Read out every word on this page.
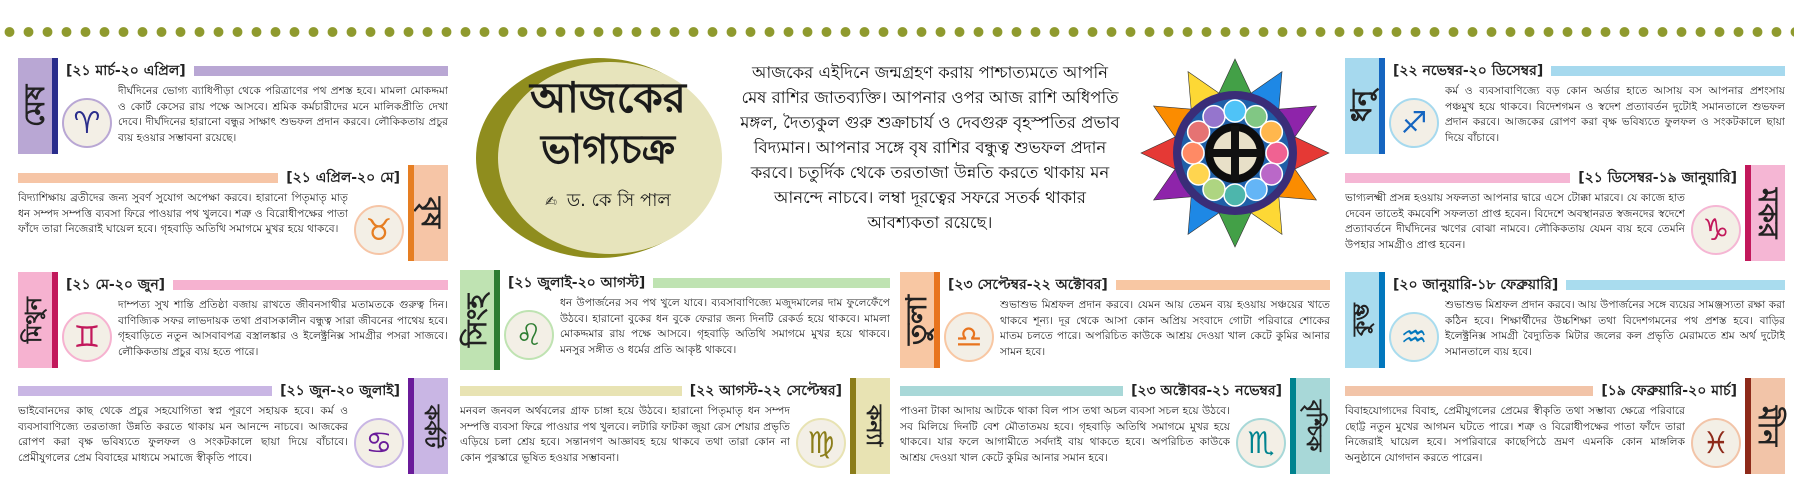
আজকের
ভাগ্যচক্র
✍ ড. কে সি পাল
আজকের এইদিনে জন্মগ্রহণ করায় পাশ্চাত্যমতে আপনি মেষ রাশির জাতব্যক্তি। আপনার ওপর আজ রাশি অধিপতি মঙ্গল, দৈত্যকুল গুরু শুক্রাচার্য ও দেবগুরু বৃহস্পতির প্রভাব বিদ্যমান। আপনার সঙ্গে বৃষ রাশির বন্ধুত্ব শুভফল প্রদান করবে। চতুর্দিক থেকে তরতাজা উন্নতি করতে থাকায় মন আনন্দে নাচবে। লম্বা দূরত্বের সফরে সতর্ক থাকার আবশ্যকতা রয়েছে।
মেষ
[২১ মার্চ-২০ এপ্রিল]
♈
দীর্ঘদিনের ভোগ্য ব্যাধিপীড়া থেকে পরিত্রাণের পথ প্রশস্ত হবে। মামলা মোকদ্দমা ও কোর্ট কেসের রায় পক্ষে আসবে। শ্রমিক কর্মচারীদের মনে মালিকপ্রীতি দেখা দেবে। দীর্ঘদিনের হারানো বন্ধুর সাক্ষাৎ শুভফল প্রদান করবে। লৌকিকতায় প্রচুর ব্যয় হওয়ার সম্ভাবনা রয়েছে।
বৃষ
[২১ এপ্রিল-২০ মে]
♉
বিদ্যাশিক্ষায় ব্রতীদের জন্য সুবর্ণ সুযোগ অপেক্ষা করবে। হারানো পিতৃমাতৃ মাতৃ ধন সম্পদ সম্পত্তি ব্যবসা ফিরে পাওয়ার পথ খুলবে। শত্রু ও বিরোধীপক্ষের পাতা ফাঁদে তারা নিজেরাই ঘায়েল হবে। গৃহবাড়ি অতিথি সমাগমে মুখর হয়ে থাকবে।
মিথুন
[২১ মে-২০ জুন]
♊
দাম্পত্য সুখ শান্তি প্রতিষ্ঠা বজায় রাখতে জীবনসাথীর মতামতকে গুরুত্ব দিন। বাণিজ্যিক সফর লাভদায়ক তথা প্রবাসকালীন বন্ধুত্ব সারা জীবনের পাথেয় হবে। গৃহবাড়িতে নতুন আসবাবপত্র বস্ত্রালঙ্কার ও ইলেক্ট্রনিক্স সামগ্রীর পসরা সাজবে। লৌকিকতায় প্রচুর ব্যয় হতে পারে।
কর্কট
[২১ জুন-২০ জুলাই]
♋
ভাইবোনদের কাছ থেকে প্রচুর সহযোগিতা স্বপ্ন পূরণে সহায়ক হবে। কর্ম ও ব্যবসাবাণিজ্যে তরতাজা উন্নতি করতে থাকায় মন আনন্দে নাচবে। আজকের রোপণ করা বৃক্ষ ভবিষ্যতে ফুলফল ও সংকটকালে ছায়া দিয়ে বাঁচাবে। প্রেমীযুগলের প্রেম বিবাহের মাধ্যমে সমাজে স্বীকৃতি পাবে।
সিংহ
[২১ জুলাই-২০ আগস্ট]
♌
ধন উপার্জনের সব পথ খুলে যাবে। ব্যবসাবাণিজ্যে মজুদমালের দাম ফুলেফেঁপে উঠবে। হারানো বুকের ধন বুকে ফেরার জন্য দিনটি রেকর্ড হয়ে থাকবে। মামলা মোকদ্দমার রায় পক্ষে আসবে। গৃহবাড়ি অতিথি সমাগমে মুখর হয়ে থাকবে। মনসুর সঙ্গীত ও ধর্মের প্রতি আকৃষ্ট থাকবে।
কন্যা
[২২ আগস্ট-২২ সেপ্টেম্বর]
♍
মনবল জনবল অর্থবলের গ্রাফ চাঙ্গা হয়ে উঠবে। হারানো পিতৃমাতৃ ধন সম্পদ সম্পত্তি ব্যবসা ফিরে পাওয়ার পথ খুলবে। লটারি ফাটকা জুয়া রেস শেয়ার প্রভৃতি এড়িয়ে চলা শ্রেয় হবে। সন্তানগণ আজ্ঞাবহ হয়ে থাকবে তথা তারা কোন না কোন পুরস্কারে ভূষিত হওয়ার সম্ভাবনা।
তুলা
[২৩ সেপ্টেম্বর-২২ অক্টোবর]
♎
শুভাশুভ মিশ্রফল প্রদান করবে। যেমন আয় তেমন ব্যয় হওয়ায় সঞ্চয়ের খাতে থাকবে শূন্য। দূর থেকে আসা কোন অপ্রিয় সংবাদে গোটা পরিবারে শোকের মাতম চলতে পারে। অপরিচিত কাউকে আশ্রয় দেওয়া খাল কেটে কুমির আনার সামন হবে।
বৃশ্চিক
[২৩ অক্টোবর-২১ নভেম্বর]
♏
পাওনা টাকা আদায় আটকে থাকা বিল পাস তথা অচল ব্যবসা সচল হয়ে উঠবে। সব মিলিয়ে দিনটি বেশ মৌতাতময় হবে। গৃহবাড়ি অতিথি সমাগমে মুখর হয়ে থাকবে। যার ফলে আগামীতে সর্বদাই বায় থাকতে হবে। অপরিচিত কাউকে আশ্রয় দেওয়া খাল কেটে কুমির আনার সমান হবে।
ধনু
[২২ নভেম্বর-২০ ডিসেম্বর]
♐
কর্ম ও ব্যবসাবাণিজ্যে বড় কোন অর্ডার হাতে আসায় বস আপনার প্রশংসায় পঞ্চমুখ হয়ে থাকবে। বিদেশগমন ও স্বদেশ প্রত্যাবর্তন দুটোই সমানতালে শুভফল প্রদান করবে। আজকের রোপণ করা বৃক্ষ ভবিষ্যতে ফুলফল ও সংকটকালে ছায়া দিয়ে বাঁচাবে।
মকর
[২১ ডিসেম্বর-১৯ জানুয়ারি]
♑
ভাগ্যলক্ষ্মী প্রসন্ন হওয়ায় সফলতা আপনার দ্বারে এসে টোক্কা মারবে। যে কাজে হাত দেবেন তাতেই কমবেশি সফলতা প্রাপ্ত হবেন। বিদেশে অবস্থানরত স্বজনদের স্বদেশে প্রত্যাবর্তনে দীর্ঘদিনের ঋণের বোঝা নামবে। লৌকিকতায় যেমন ব্যয় হবে তেমনি উপহার সামগ্রীও প্রাপ্ত হবেন।
কুম্ভ
[২০ জানুয়ারি-১৮ ফেব্রুয়ারি]
♒
শুভাশুভ মিশ্রফল প্রদান করবে। আয় উপার্জনের সঙ্গে ব্যয়ের সামঞ্জস্যতা রক্ষা করা কঠিন হবে। শিক্ষার্থীদের উচ্চশিক্ষা তথা বিদেশগমনের পথ প্রশস্ত হবে। বাড়ির ইলেক্ট্রনিক্স সামগ্রী বৈদ্যুতিক মিটার জলের কল প্রভৃতি মেরামতে শ্রম অর্থ দুটোই সমানতালে ব্যয় হবে।
মীন
[১৯ ফেব্রুয়ারি-২০ মার্চ]
♓
বিবাহযোগ্যদের বিবাহ, প্রেমীযুগলের প্রেমের স্বীকৃতি তথা সম্ভাব্য ক্ষেত্রে পরিবারে ছোট্ট নতুন মুখের আগমন ঘটতে পারে। শত্রু ও বিরোধীপক্ষের পাতা ফাঁদে তারা নিজেরাই ঘায়েল হবে। সপরিবারে কাছেপিঠে ভ্রমণ এমনকি কোন মাঙ্গলিক অনুষ্ঠানে যোগদান করতে পারেন।
